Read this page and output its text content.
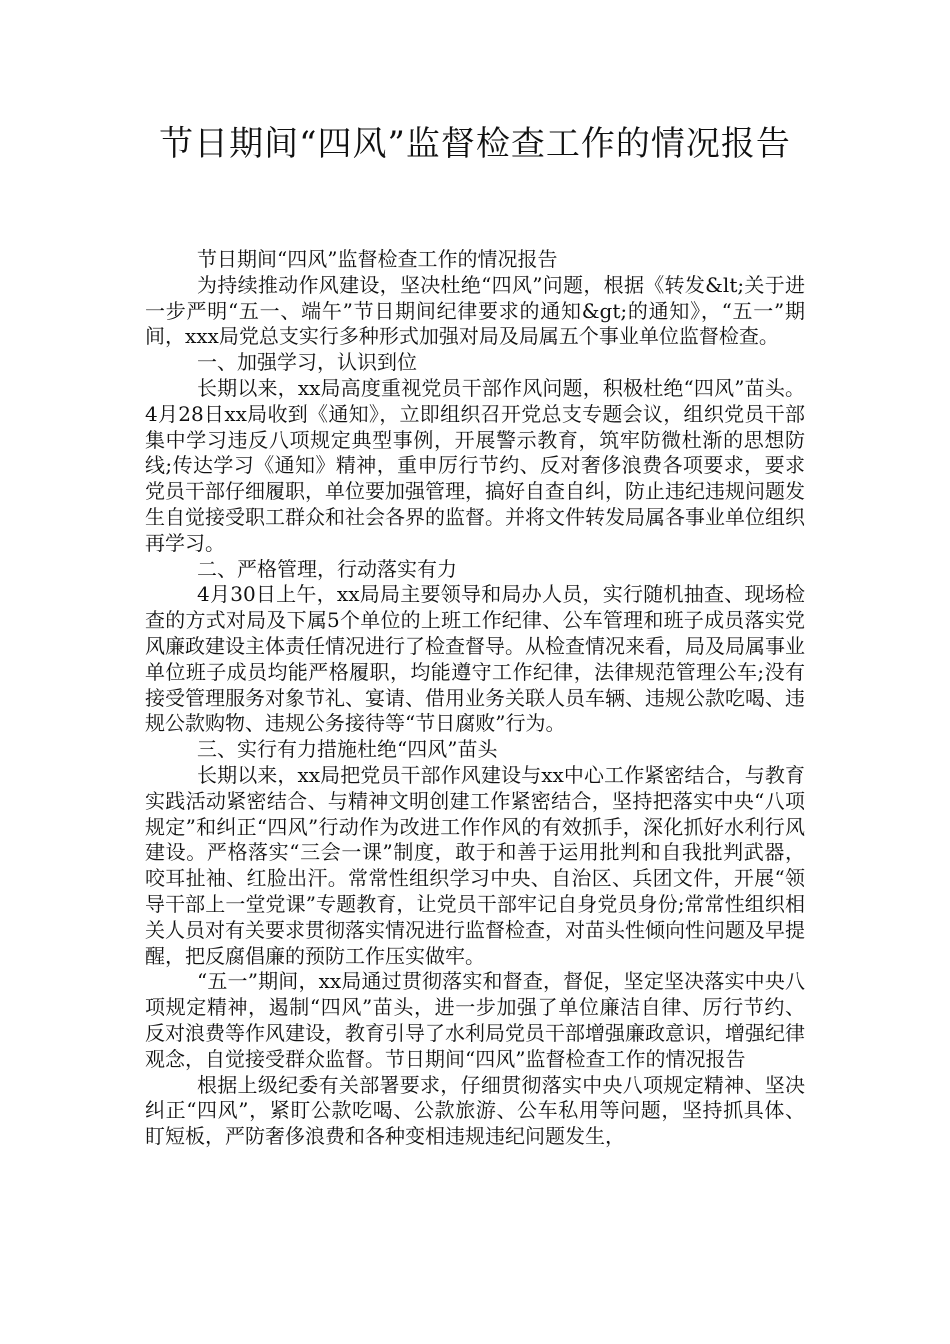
节日期间“四风”监督检查工作的情况报告

节日期间“四风”监督检查工作的情况报告

为持续推动作风建设，坚决杜绝“四风”问题，根据《转发&lt;关于进一步严明“五一、端午”节日期间纪律要求的通知&gt;的通知》，“五一”期间，xxx局党总支实行多种形式加强对局及局属五个事业单位监督检查。

一、加强学习，认识到位

长期以来，xx局高度重视党员干部作风问题，积极杜绝“四风”苗头。4月28日xx局收到《通知》，立即组织召开党总支专题会议，组织党员干部集中学习违反八项规定典型事例，开展警示教育，筑牢防微杜渐的思想防线;传达学习《通知》精神，重申厉行节约、反对奢侈浪费各项要求，要求党员干部仔细履职，单位要加强管理，搞好自查自纠，防止违纪违规问题发生自觉接受职工群众和社会各界的监督。并将文件转发局属各事业单位组织再学习。

二、严格管理，行动落实有力

4月30日上午，xx局局主要领导和局办人员，实行随机抽查、现场检查的方式对局及下属5个单位的上班工作纪律、公车管理和班子成员落实党风廉政建设主体责任情况进行了检查督导。从检查情况来看，局及局属事业单位班子成员均能严格履职，均能遵守工作纪律，法律规范管理公车;没有接受管理服务对象节礼、宴请、借用业务关联人员车辆、违规公款吃喝、违规公款购物、违规公务接待等“节日腐败”行为。

三、实行有力措施杜绝“四风”苗头

长期以来，xx局把党员干部作风建设与xx中心工作紧密结合，与教育实践活动紧密结合、与精神文明创建工作紧密结合，坚持把落实中央“八项规定”和纠正“四风”行动作为改进工作作风的有效抓手，深化抓好水利行风建设。严格落实“三会一课”制度，敢于和善于运用批判和自我批判武器，咬耳扯袖、红脸出汗。常常性组织学习中央、自治区、兵团文件，开展“领导干部上一堂党课”专题教育，让党员干部牢记自身党员身份;常常性组织相关人员对有关要求贯彻落实情况进行监督检查，对苗头性倾向性问题及早提醒，把反腐倡廉的预防工作压实做牢。

“五一”期间，xx局通过贯彻落实和督查，督促，坚定坚决落实中央八项规定精神，遏制“四风”苗头，进一步加强了单位廉洁自律、厉行节约、反对浪费等作风建设，教育引导了水利局党员干部增强廉政意识，增强纪律观念，自觉接受群众监督。节日期间“四风”监督检查工作的情况报告

根据上级纪委有关部署要求，仔细贯彻落实中央八项规定精神、坚决纠正“四风”，紧盯公款吃喝、公款旅游、公车私用等问题，坚持抓具体、盯短板，严防奢侈浪费和各种变相违规违纪问题发生，
